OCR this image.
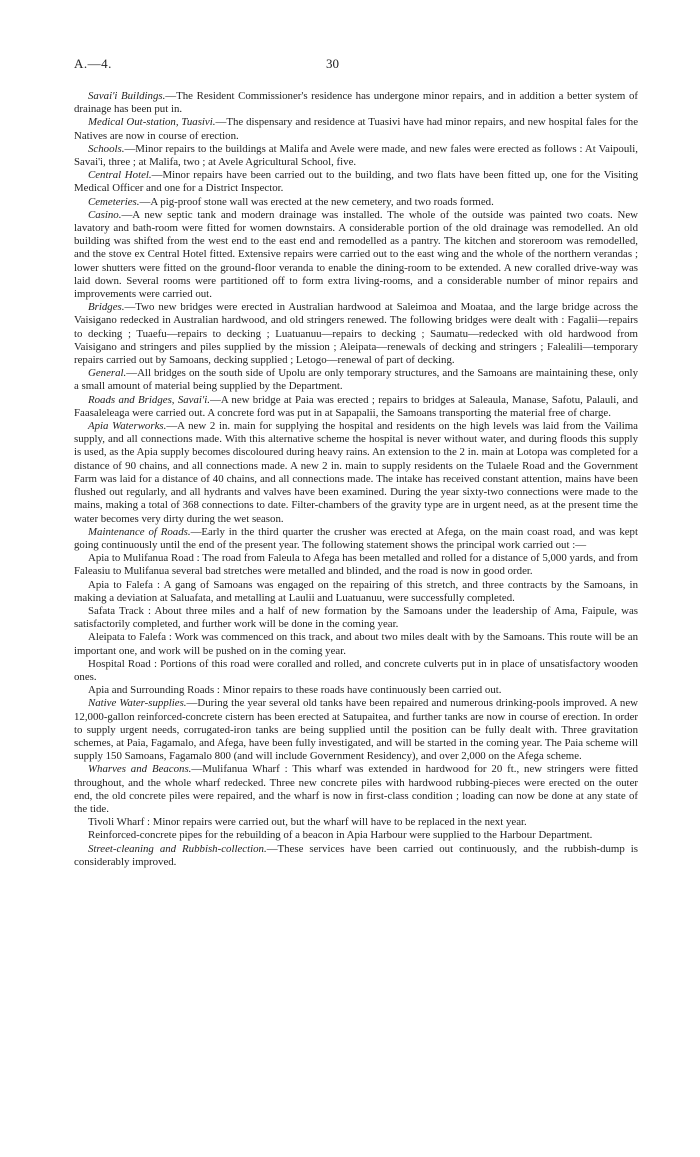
A.—4.	30

Savai'i Buildings.—The Resident Commissioner's residence has undergone minor repairs, and in addition a better system of drainage has been put in.

Medical Out-station, Tuasivi.—The dispensary and residence at Tuasivi have had minor repairs, and new hospital fales for the Natives are now in course of erection.

Schools.—Minor repairs to the buildings at Malifa and Avele were made, and new fales were erected as follows : At Vaipouli, Savai'i, three ; at Malifa, two ; at Avele Agricultural School, five.

Central Hotel.—Minor repairs have been carried out to the building, and two flats have been fitted up, one for the Visiting Medical Officer and one for a District Inspector.

Cemeteries.—A pig-proof stone wall was erected at the new cemetery, and two roads formed.

Casino.—A new septic tank and modern drainage was installed. The whole of the outside was painted two coats. New lavatory and bath-room were fitted for women downstairs. A considerable portion of the old drainage was remodelled. An old building was shifted from the west end to the east end and remodelled as a pantry. The kitchen and storeroom was remodelled, and the stove ex Central Hotel fitted. Extensive repairs were carried out to the east wing and the whole of the northern verandas ; lower shutters were fitted on the ground-floor veranda to enable the dining-room to be extended. A new coralled drive-way was laid down. Several rooms were partitioned off to form extra living-rooms, and a considerable number of minor repairs and improvements were carried out.

Bridges.—Two new bridges were erected in Australian hardwood at Saleimoa and Moataa, and the large bridge across the Vaisigano redecked in Australian hardwood, and old stringers renewed. The following bridges were dealt with : Fagalii—repairs to decking ; Tuaefu—repairs to decking ; Luatuanuu—repairs to decking ; Saumatu—redecked with old hardwood from Vaisigano and stringers and piles supplied by the mission ; Aleipata—renewals of decking and stringers ; Falealili—temporary repairs carried out by Samoans, decking supplied ; Letogo—renewal of part of decking.

General.—All bridges on the south side of Upolu are only temporary structures, and the Samoans are maintaining these, only a small amount of material being supplied by the Department.

Roads and Bridges, Savai'i.—A new bridge at Paia was erected ; repairs to bridges at Saleaula, Manase, Safotu, Palauli, and Faasaleleaga were carried out. A concrete ford was put in at Sapapalii, the Samoans transporting the material free of charge.

Apia Waterworks.—A new 2 in. main for supplying the hospital and residents on the high levels was laid from the Vailima supply, and all connections made. With this alternative scheme the hospital is never without water, and during floods this supply is used, as the Apia supply becomes discoloured during heavy rains. An extension to the 2 in. main at Lotopa was completed for a distance of 90 chains, and all connections made. A new 2 in. main to supply residents on the Tulaele Road and the Government Farm was laid for a distance of 40 chains, and all connections made. The intake has received constant attention, mains have been flushed out regularly, and all hydrants and valves have been examined. During the year sixty-two connections were made to the mains, making a total of 368 connections to date. Filter-chambers of the gravity type are in urgent need, as at the present time the water becomes very dirty during the wet season.

Maintenance of Roads.—Early in the third quarter the crusher was erected at Afega, on the main coast road, and was kept going continuously until the end of the present year. The following statement shows the principal work carried out :—

Apia to Mulifanua Road : The road from Faleula to Afega has been metalled and rolled for a distance of 5,000 yards, and from Faleasiu to Mulifanua several bad stretches were metalled and blinded, and the road is now in good order.

Apia to Falefa : A gang of Samoans was engaged on the repairing of this stretch, and three contracts by the Samoans, in making a deviation at Saluafata, and metalling at Laulii and Luatuanuu, were successfully completed.

Safata Track : About three miles and a half of new formation by the Samoans under the leadership of Ama, Faipule, was satisfactorily completed, and further work will be done in the coming year.

Aleipata to Falefa : Work was commenced on this track, and about two miles dealt with by the Samoans. This route will be an important one, and work will be pushed on in the coming year.

Hospital Road : Portions of this road were coralled and rolled, and concrete culverts put in in place of unsatisfactory wooden ones.

Apia and Surrounding Roads : Minor repairs to these roads have continuously been carried out.

Native Water-supplies.—During the year several old tanks have been repaired and numerous drinking-pools improved. A new 12,000-gallon reinforced-concrete cistern has been erected at Satupaitea, and further tanks are now in course of erection. In order to supply urgent needs, corrugated-iron tanks are being supplied until the position can be fully dealt with. Three gravitation schemes, at Paia, Fagamalo, and Afega, have been fully investigated, and will be started in the coming year. The Paia scheme will supply 150 Samoans, Fagamalo 800 (and will include Government Residency), and over 2,000 on the Afega scheme.

Wharves and Beacons.—Mulifanua Wharf : This wharf was extended in hardwood for 20 ft., new stringers were fitted throughout, and the whole wharf redecked. Three new concrete piles with hardwood rubbing-pieces were erected on the outer end, the old concrete piles were repaired, and the wharf is now in first-class condition ; loading can now be done at any state of the tide.

Tivoli Wharf : Minor repairs were carried out, but the wharf will have to be replaced in the next year.

Reinforced-concrete pipes for the rebuilding of a beacon in Apia Harbour were supplied to the Harbour Department.

Street-cleaning and Rubbish-collection.—These services have been carried out continuously, and the rubbish-dump is considerably improved.
